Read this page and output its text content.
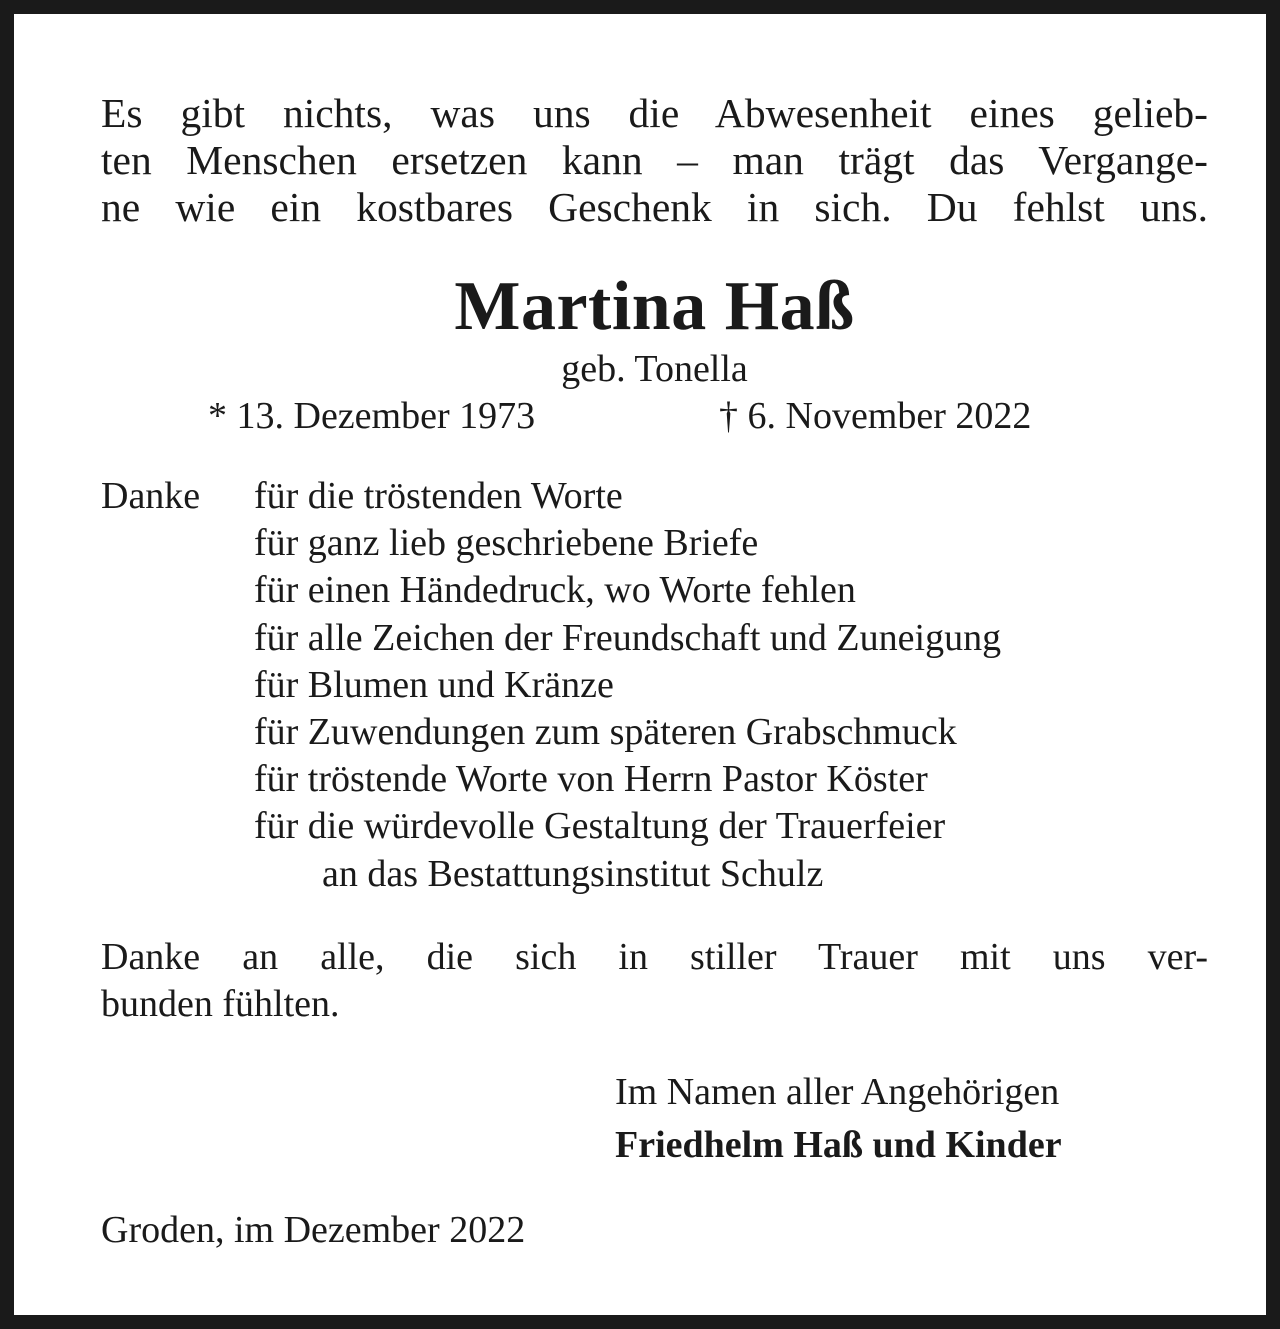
Es gibt nichts, was uns die Abwesenheit eines gelieb-
ten Menschen ersetzen kann – man trägt das Vergange-
ne wie ein kostbares Geschenk in sich. Du fehlst uns.

Martina Haß
geb. Tonella
* 13. Dezember 1973	† 6. November 2022
Danke für die tröstenden Worte
für ganz lieb geschriebene Briefe
für einen Händedruck, wo Worte fehlen
für alle Zeichen der Freundschaft und Zuneigung
für Blumen und Kränze
für Zuwendungen zum späteren Grabschmuck
für tröstende Worte von Herrn Pastor Köster
für die würdevolle Gestaltung der Trauerfeier
an das Bestattungsinstitut Schulz
Danke an alle, die sich in stiller Trauer mit uns ver-
bunden fühlten.
Im Namen aller Angehörigen
Friedhelm Haß und Kinder
Groden, im Dezember 2022
